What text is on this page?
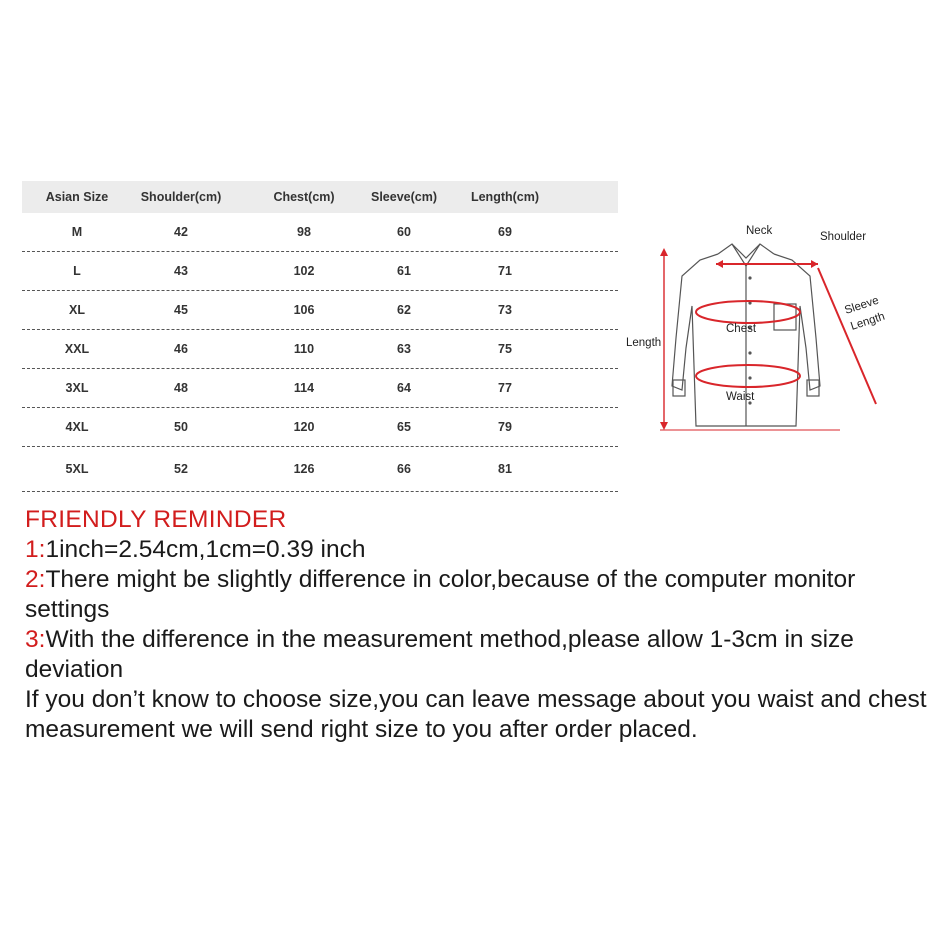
Asian Size	Shoulder(cm)	Chest(cm)	Sleeve(cm)	Length(cm)
M	42	98	60	69
L	43	102	61	71
XL	45	106	62	73
XXL	46	110	63	75
3XL	48	114	64	77
4XL	50	120	65	79
5XL	52	126	66	81
Neck	Shoulder
Sleeve
Length
Length
Chest
Waist

FRIENDLY REMINDER

1:1inch=2.54cm,1cm=0.39 inch

2:There might be slightly difference in color,because of the computer monitor settings

3:With the difference in the measurement method,please allow 1-3cm in size deviation

If you don’t know to choose size,you can leave message about you waist and chest measurement we will send right size to you after order placed.
